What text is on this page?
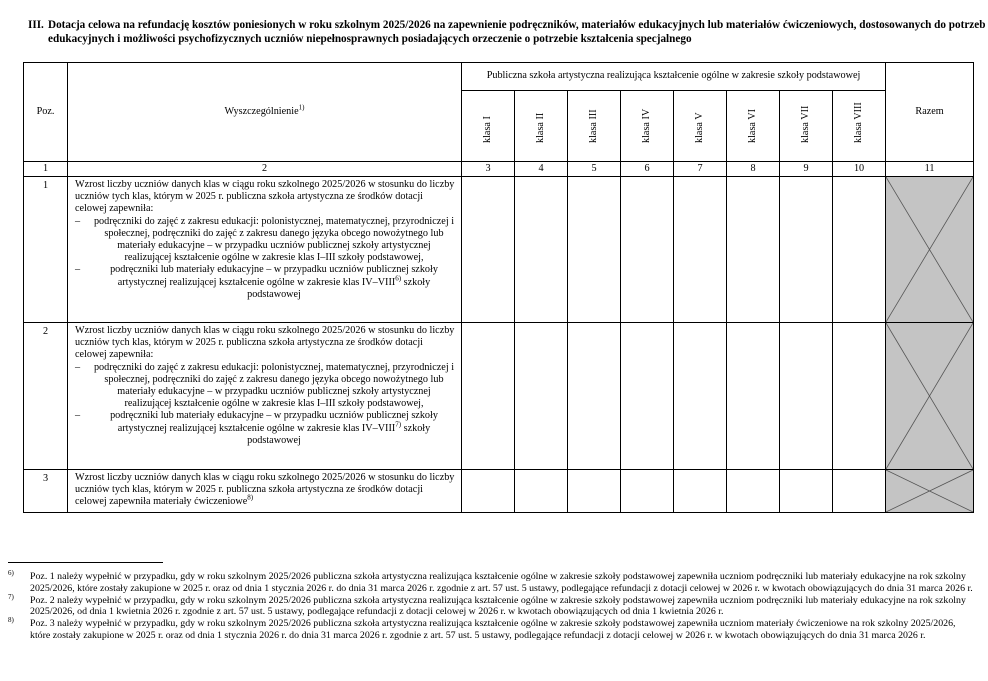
III. Dotacja celowa na refundację kosztów poniesionych w roku szkolnym 2025/2026 na zapewnienie podręczników, materiałów edukacyjnych lub materiałów ćwiczeniowych, dostosowanych do potrzeb edukacyjnych i możliwości psychofizycznych uczniów niepełnosprawnych posiadających orzeczenie o potrzebie kształcenia specjalnego
Poz.	Wyszczególnienie$^{1)}$	Publiczna szkoła artystyczna realizująca kształcenie ogólne w zakresie szkoły podstawowej								Razem

		klasa I	klasa II	klasa III	klasa IV	klasa V	klasa VI	klasa VII	klasa VIII	

1	2	3	4	5	6	7	8	9	10	11
1	Wzrost liczby uczniów danych klas w ciągu roku szkolnego 2025/2026 w stosunku do liczby uczniów tych klas, którym w 2025 r. publiczna szkoła artystyczna ze środków dotacji celowej zapewniła:

– podręczniki do zajęć z zakresu edukacji: polonistycznej, matematycznej, przyrodniczej i społecznej, podręczniki do zajęć z zakresu danego języka obcego nowożytnego lub materiały edukacyjne – w przypadku uczniów publicznej szkoły artystycznej realizującej kształcenie ogólne w zakresie klas I–III szkoły podstawowej,
– podręczniki lub materiały edukacyjne – w przypadku uczniów publicznej szkoły artystycznej realizującej kształcenie ogólne w zakresie klas IV–VIII$^{6)}$ szkoły podstawowej

2	Wzrost liczby uczniów danych klas w ciągu roku szkolnego 2025/2026 w stosunku do liczby uczniów tych klas, którym w 2025 r. publiczna szkoła artystyczna ze środków dotacji celowej zapewniła:

– podręczniki do zajęć z zakresu edukacji: polonistycznej, matematycznej, przyrodniczej i społecznej, podręczniki do zajęć z zakresu danego języka obcego nowożytnego lub materiały edukacyjne – w przypadku uczniów publicznej szkoły artystycznej realizującej kształcenie ogólne w zakresie klas I–III szkoły podstawowej,
– podręczniki lub materiały edukacyjne – w przypadku uczniów publicznej szkoły artystycznej realizującej kształcenie ogólne w zakresie klas IV–VIII$^{7)}$ szkoły podstawowej

3	Wzrost liczby uczniów danych klas w ciągu roku szkolnego 2025/2026 w stosunku do liczby uczniów tych klas, którym w 2025 r. publiczna szkoła artystyczna ze środków dotacji celowej zapewniła materiały ćwiczeniowe$^{8)}$

6) Poz. 1 należy wypełnić w przypadku, gdy w roku szkolnym 2025/2026 publiczna szkoła artystyczna realizująca kształcenie ogólne w zakresie szkoły podstawowej zapewniła uczniom podręczniki lub materiały edukacyjne na rok szkolny 2025/2026, które zostały zakupione w 2025 r. oraz od dnia 1 stycznia 2026 r. do dnia 31 marca 2026 r. zgodnie z art. 57 ust. 5 ustawy, podlegające refundacji z dotacji celowej w 2026 r. w kwotach obowiązujących do dnia 31 marca 2026 r.
7) Poz. 2 należy wypełnić w przypadku, gdy w roku szkolnym 2025/2026 publiczna szkoła artystyczna realizująca kształcenie ogólne w zakresie szkoły podstawowej zapewniła uczniom podręczniki lub materiały edukacyjne na rok szkolny 2025/2026, od dnia 1 kwietnia 2026 r. zgodnie z art. 57 ust. 5 ustawy, podlegające refundacji z dotacji celowej w 2026 r. w kwotach obowiązujących od dnia 1 kwietnia 2026 r.
8) Poz. 3 należy wypełnić w przypadku, gdy w roku szkolnym 2025/2026 publiczna szkoła artystyczna realizująca kształcenie ogólne w zakresie szkoły podstawowej zapewniła uczniom materiały ćwiczeniowe na rok szkolny 2025/2026, które zostały zakupione w 2025 r. oraz od dnia 1 stycznia 2026 r. do dnia 31 marca 2026 r. zgodnie z art. 57 ust. 5 ustawy, podlegające refundacji z dotacji celowej w 2026 r. w kwotach obowiązujących do dnia 31 marca 2026 r.
